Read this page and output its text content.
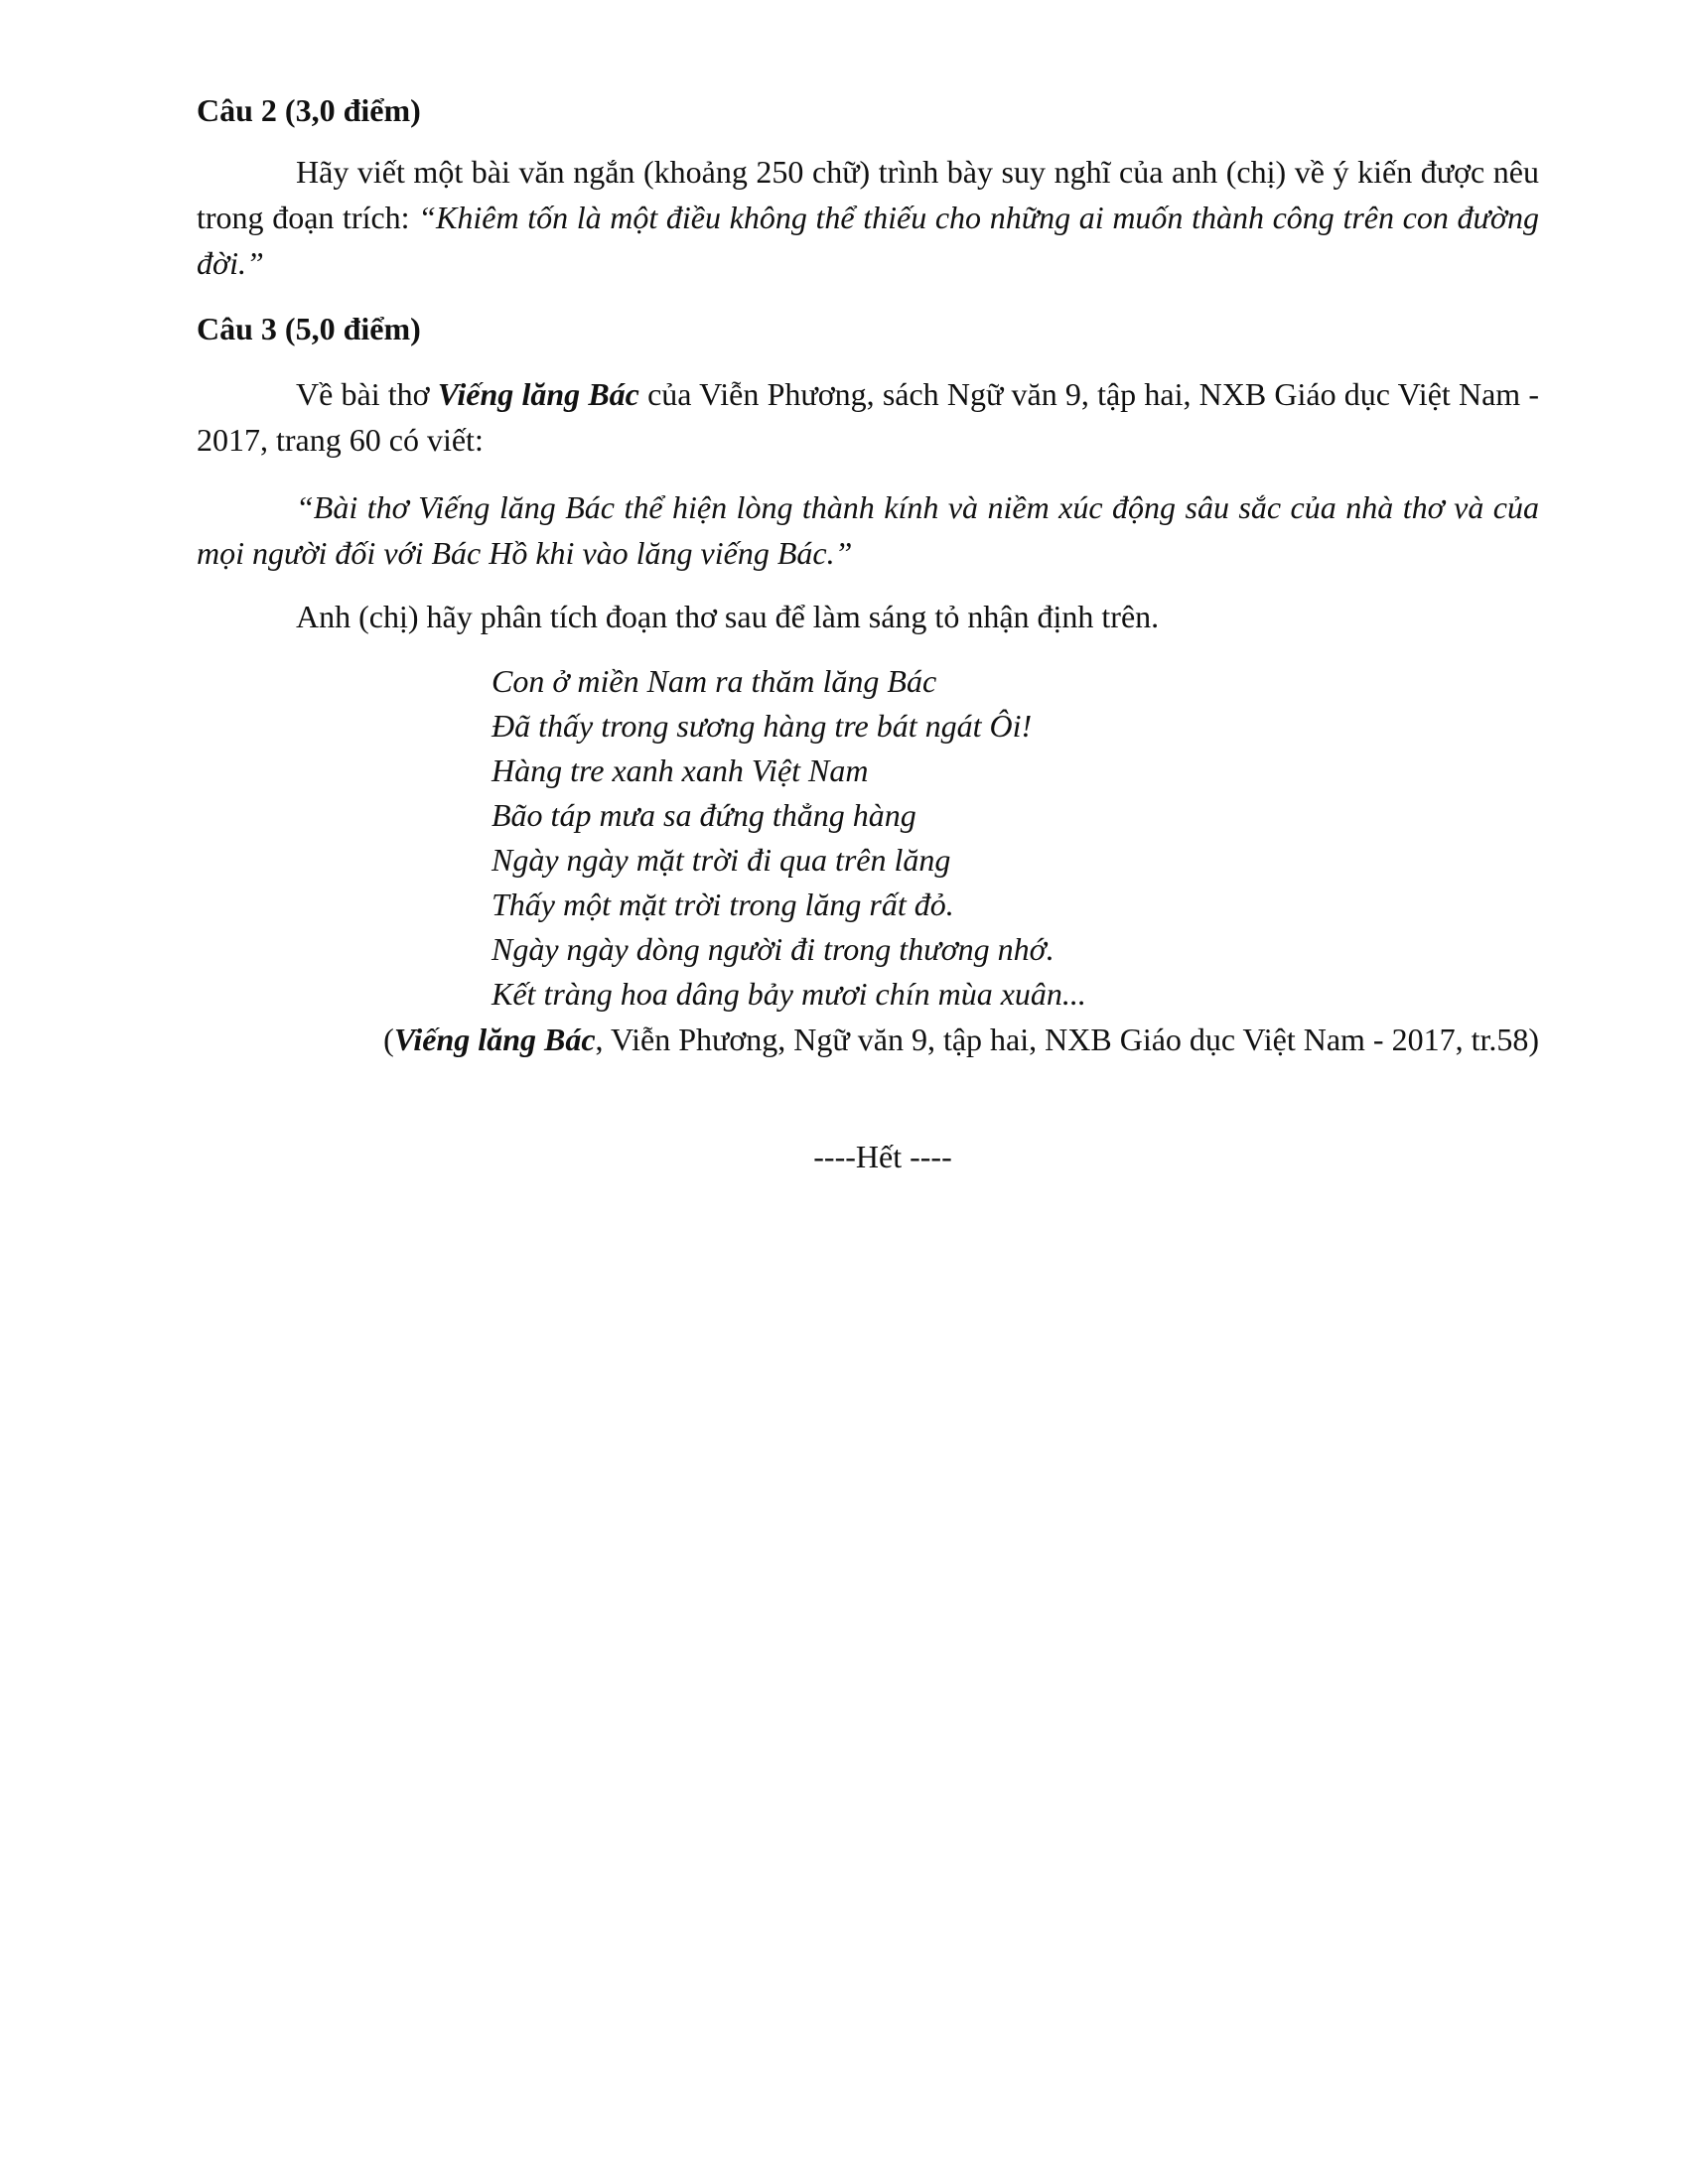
Câu 2 (3,0 điểm)

Hãy viết một bài văn ngắn (khoảng 250 chữ) trình bày suy nghĩ của anh (chị) về ý kiến được nêu trong đoạn trích: “Khiêm tốn là một điều không thể thiếu cho những ai muốn thành công trên con đường đời.”

Câu 3 (5,0 điểm)

Về bài thơ Viếng lăng Bác của Viễn Phương, sách Ngữ văn 9, tập hai, NXB Giáo dục Việt Nam - 2017, trang 60 có viết:

“Bài thơ Viếng lăng Bác thể hiện lòng thành kính và niềm xúc động sâu sắc của nhà thơ và của mọi người đối với Bác Hồ khi vào lăng viếng Bác.”

Anh (chị) hãy phân tích đoạn thơ sau để làm sáng tỏ nhận định trên.

Con ở miền Nam ra thăm lăng Bác
Đã thấy trong sương hàng tre bát ngát Ôi!
Hàng tre xanh xanh Việt Nam
Bão táp mưa sa đứng thẳng hàng
Ngày ngày mặt trời đi qua trên lăng
Thấy một mặt trời trong lăng rất đỏ.
Ngày ngày dòng người đi trong thương nhớ.
Kết tràng hoa dâng bảy mươi chín mùa xuân...

(Viếng lăng Bác, Viễn Phương, Ngữ văn 9, tập hai, NXB Giáo dục Việt Nam - 2017, tr.58)

----Hết ----
